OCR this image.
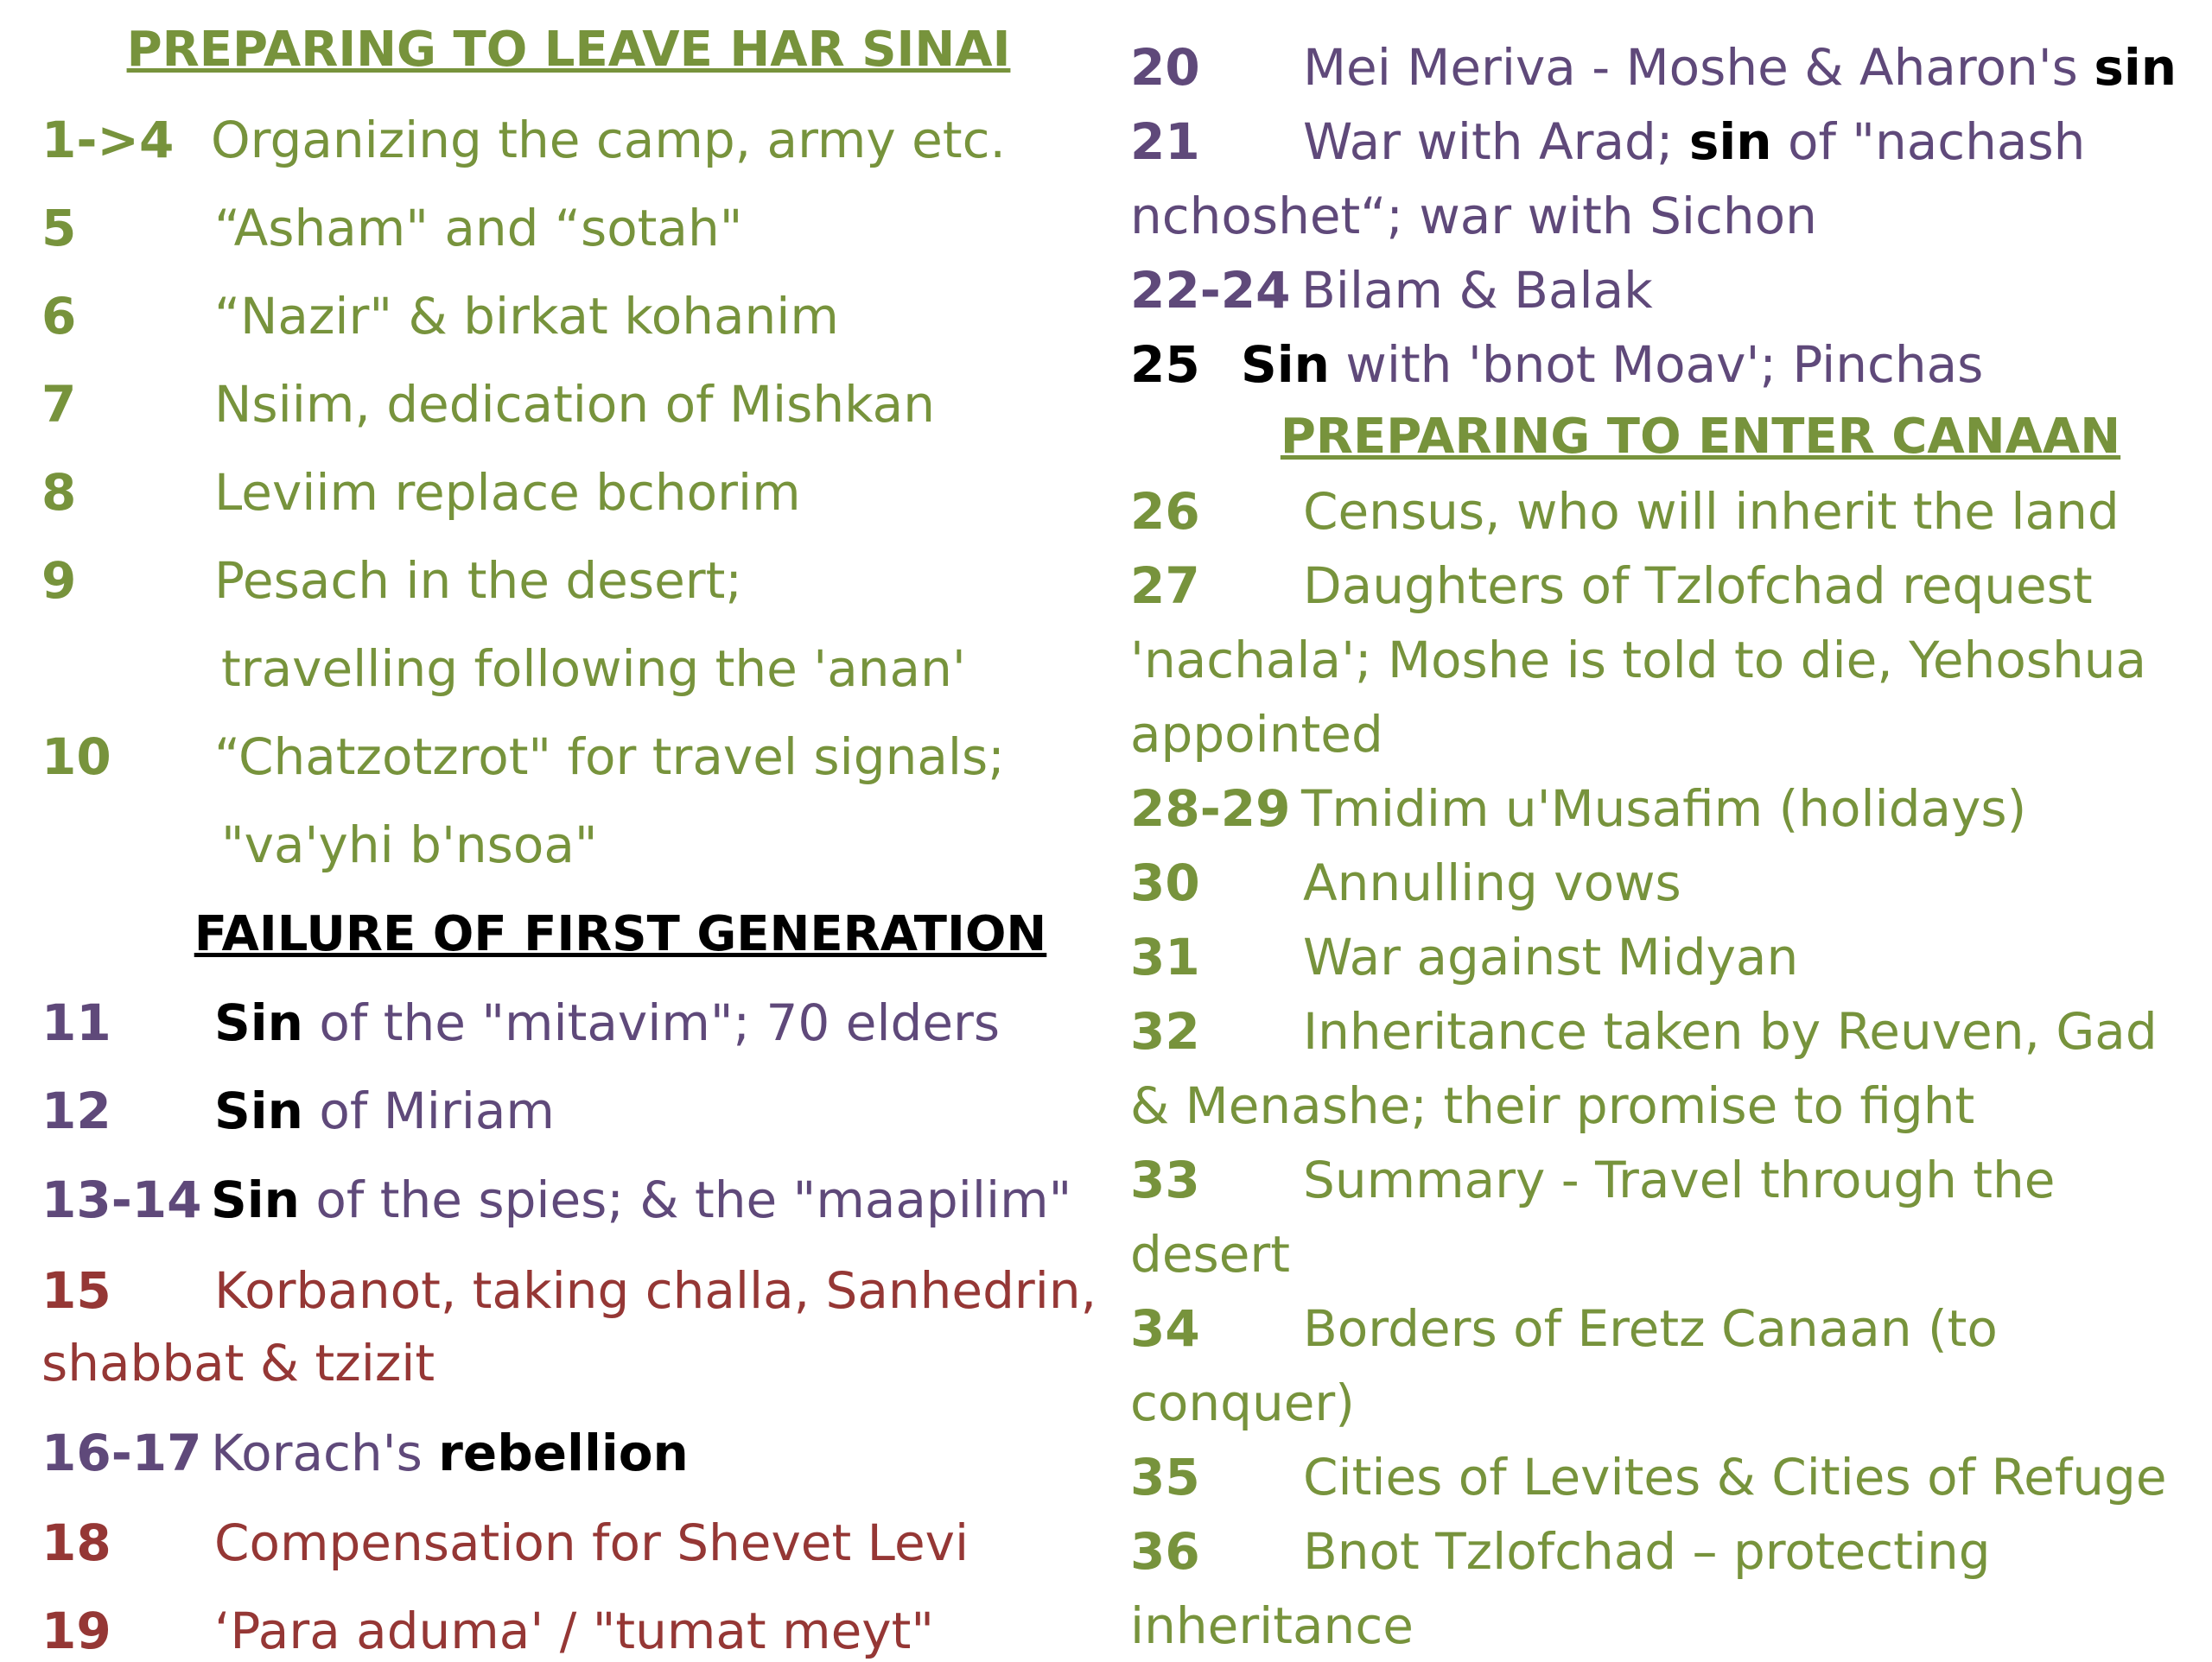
PREPARING TO LEAVE HAR SINAI
1->4 Organizing the camp, army etc.
5	“Asham" and “sotah"
6	“Nazir" & birkat kohanim
7	Nsiim, dedication of Mishkan
8	Leviim replace bchorim
9	Pesach in the desert;
travelling following the 'anan'
10 “Chatzotzrot" for travel signals;
"va'yhi b'nsoa"
FAILURE OF FIRST GENERATION
11 Sin of the "mitavim"; 70 elders
12 Sin of Miriam
13-14 Sin of the spies; & the "maapilim"
15 Korbanot, taking challa, Sanhedrin,
shabbat & tzizit
16-17 Korach's rebellion
18 Compensation for Shevet Levi
19 ‘Para aduma' / "tumat meyt"
20 Mei Meriva - Moshe & Aharon's sin
21 War with Arad; sin of "nachash
nchoshet“; war with Sichon
22-24 Bilam & Balak
25 Sin with 'bnot Moav'; Pinchas
PREPARING TO ENTER CANAAN
26 Census, who will inherit the land
27 Daughters of Tzlofchad request
'nachala'; Moshe is told to die, Yehoshua
appointed
28-29 Tmidim u'Musafim (holidays)
30 Annulling vows
31 War against Midyan
32 Inheritance taken by Reuven, Gad
& Menashe; their promise to fight
33 Summary - Travel through the
desert
34 Borders of Eretz Canaan (to
conquer)
35 Cities of Levites & Cities of Refuge
36 Bnot Tzlofchad – protecting
inheritance
